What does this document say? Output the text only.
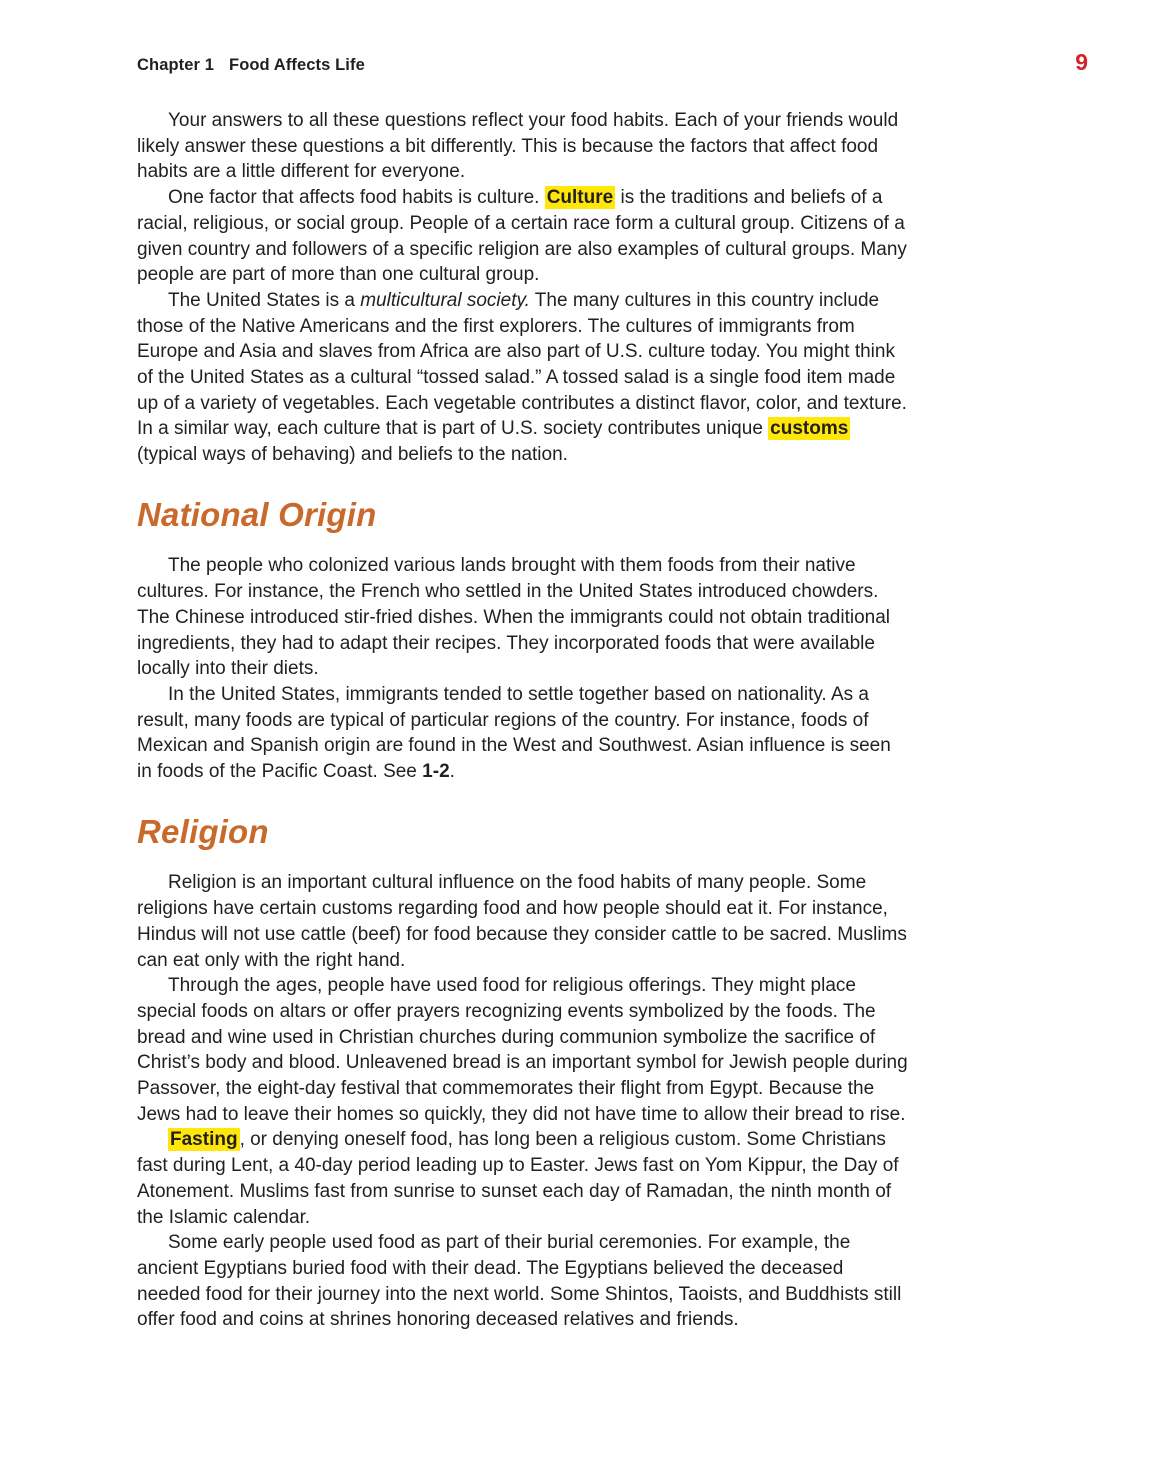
Chapter 1 Food Affects Life	9

Your answers to all these questions reflect your food habits. Each of your friends would likely answer these questions a bit differently. This is because the factors that affect food habits are a little different for everyone.

One factor that affects food habits is culture. Culture is the traditions and beliefs of a racial, religious, or social group. People of a certain race form a cultural group. Citizens of a given country and followers of a specific religion are also examples of cultural groups. Many people are part of more than one cultural group.

The United States is a multicultural society. The many cultures in this country include those of the Native Americans and the first explorers. The cultures of immigrants from Europe and Asia and slaves from Africa are also part of U.S. culture today. You might think of the United States as a cultural “tossed salad.” A tossed salad is a single food item made up of a variety of vegetables. Each vegetable contributes a distinct flavor, color, and texture. In a similar way, each culture that is part of U.S. society contributes unique customs (typical ways of behaving) and beliefs to the nation.

National Origin

The people who colonized various lands brought with them foods from their native cultures. For instance, the French who settled in the United States introduced chowders. The Chinese introduced stir-fried dishes. When the immigrants could not obtain traditional ingredients, they had to adapt their recipes. They incorporated foods that were available locally into their diets.

In the United States, immigrants tended to settle together based on nationality. As a result, many foods are typical of particular regions of the country. For instance, foods of Mexican and Spanish origin are found in the West and Southwest. Asian influence is seen in foods of the Pacific Coast. See 1-2.

Religion

Religion is an important cultural influence on the food habits of many people. Some religions have certain customs regarding food and how people should eat it. For instance, Hindus will not use cattle (beef) for food because they consider cattle to be sacred. Muslims can eat only with the right hand.

Through the ages, people have used food for religious offerings. They might place special foods on altars or offer prayers recognizing events symbolized by the foods. The bread and wine used in Christian churches during communion symbolize the sacrifice of Christ’s body and blood. Unleavened bread is an important symbol for Jewish people during Passover, the eight-day festival that commemorates their flight from Egypt. Because the Jews had to leave their homes so quickly, they did not have time to allow their bread to rise.

Fasting , or denying oneself food, has long been a religious custom. Some Christians fast during Lent, a 40-day period leading up to Easter. Jews fast on Yom Kippur, the Day of Atonement. Muslims fast from sunrise to sunset each day of Ramadan, the ninth month of the Islamic calendar.

Some early people used food as part of their burial ceremonies. For example, the ancient Egyptians buried food with their dead. The Egyptians believed the deceased needed food for their journey into the next world. Some Shintos, Taoists, and Buddhists still offer food and coins at shrines honoring deceased relatives and friends.
